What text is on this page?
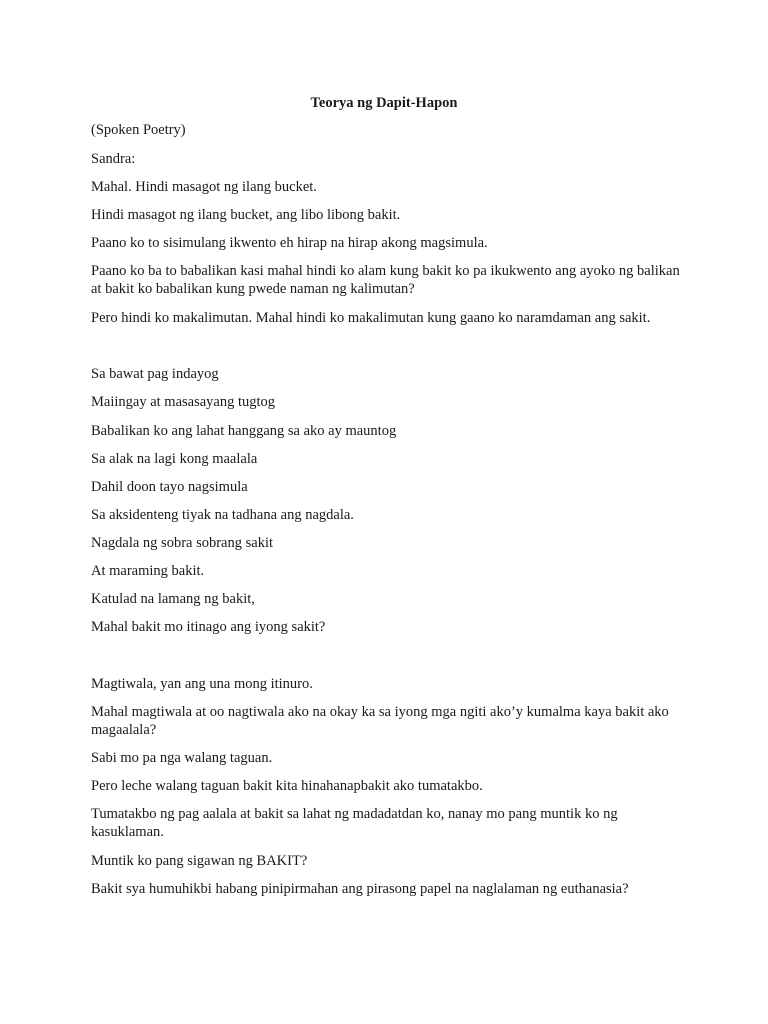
Teorya ng Dapit-Hapon
(Spoken Poetry)
Sandra:
Mahal. Hindi masagot ng ilang bucket.
Hindi masagot ng ilang bucket, ang libo libong bakit.
Paano ko to sisimulang ikwento eh hirap na hirap akong magsimula.
Paano ko ba to babalikan kasi mahal hindi ko alam kung bakit ko pa ikukwento ang ayoko ng balikan at bakit ko babalikan kung pwede naman ng kalimutan?
Pero hindi ko makalimutan. Mahal hindi ko makalimutan kung gaano ko naramdaman ang sakit.
Sa bawat pag indayog
Maiingay at masasayang tugtog
Babalikan ko ang lahat hanggang sa ako ay mauntog
Sa alak na lagi kong maalala
Dahil doon tayo nagsimula
Sa aksidenteng tiyak na tadhana ang nagdala.
Nagdala ng sobra sobrang sakit
At maraming bakit.
Katulad na lamang ng bakit,
Mahal bakit mo itinago ang iyong sakit?
Magtiwala, yan ang una mong itinuro.
Mahal magtiwala at oo nagtiwala ako na okay ka sa iyong mga ngiti ako’y kumalma kaya bakit ako magaalala?
Sabi mo pa nga walang taguan.
Pero leche walang taguan bakit kita hinahanapbakit ako tumatakbo.
Tumatakbo ng pag aalala at bakit sa lahat ng madadatdan ko, nanay mo pang muntik ko ng kasuklaman.
Muntik ko pang sigawan ng BAKIT?
Bakit sya humuhikbi habang pinipirmahan ang pirasong papel na naglalaman ng euthanasia?
